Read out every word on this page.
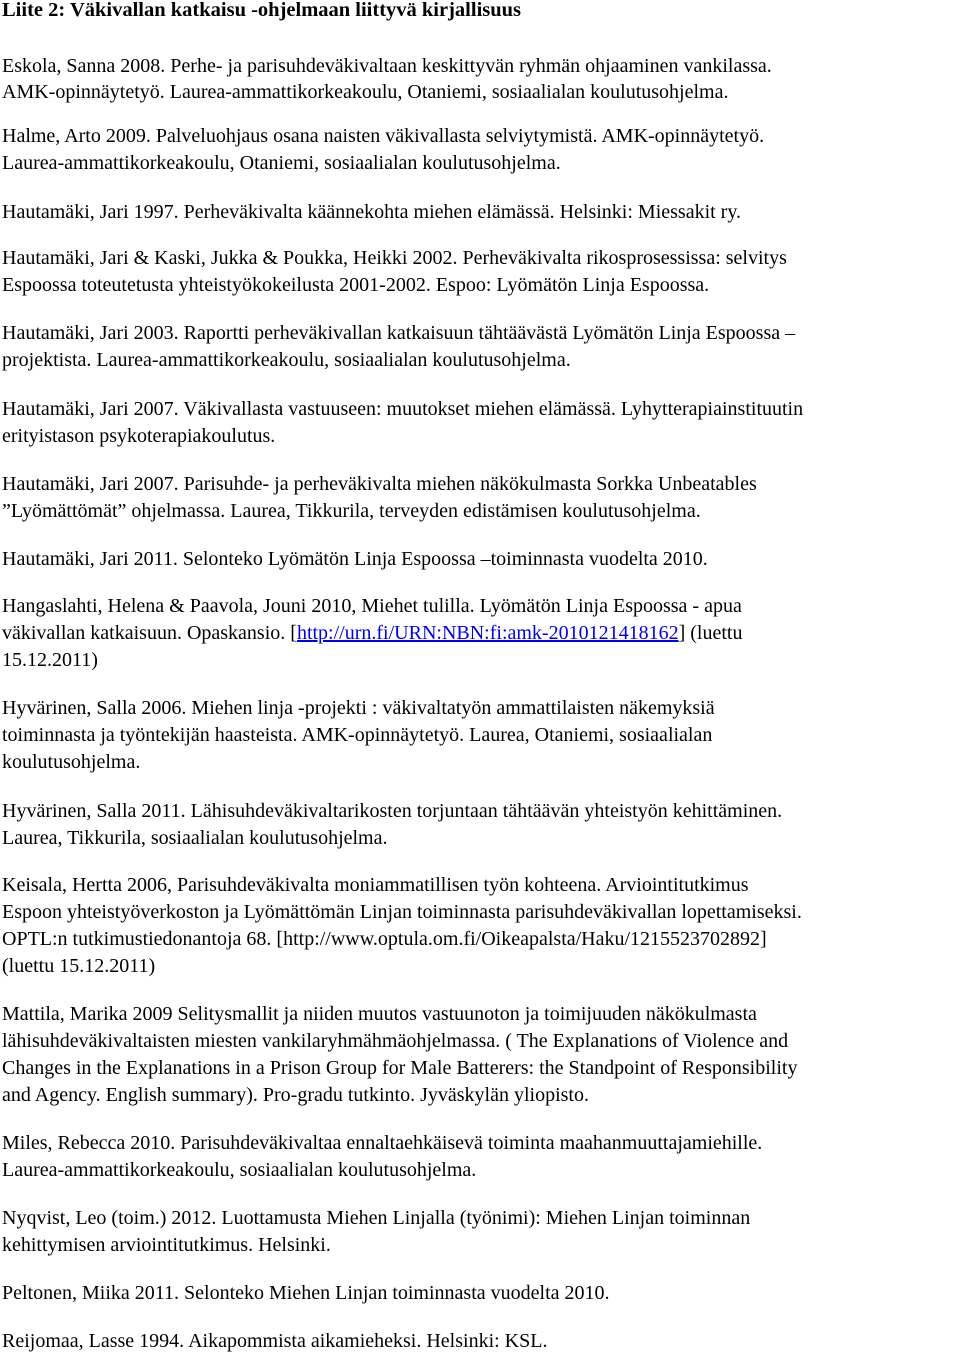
Liite 2: Väkivallan katkaisu -ohjelmaan liittyvä kirjallisuus

Eskola, Sanna 2008. Perhe- ja parisuhdeväkivaltaan keskittyvän ryhmän ohjaaminen vankilassa.

AMK-opinnäytetyö. Laurea-ammattikorkeakoulu, Otaniemi, sosiaalialan koulutusohjelma.

Halme, Arto 2009. Palveluohjaus osana naisten väkivallasta selviytymistä. AMK-opinnäytetyö.

Laurea-ammattikorkeakoulu, Otaniemi, sosiaalialan koulutusohjelma.

Hautamäki, Jari 1997. Perheväkivalta käännekohta miehen elämässä. Helsinki: Miessakit ry.

Hautamäki, Jari & Kaski, Jukka & Poukka, Heikki 2002. Perheväkivalta rikosprosessissa: selvitys

Espoossa toteutetusta yhteistyökokeilusta 2001-2002. Espoo: Lyömätön Linja Espoossa.

Hautamäki, Jari 2003. Raportti perheväkivallan katkaisuun tähtäävästä Lyömätön Linja Espoossa –

projektista. Laurea-ammattikorkeakoulu, sosiaalialan koulutusohjelma.

Hautamäki, Jari 2007. Väkivallasta vastuuseen: muutokset miehen elämässä. Lyhytterapiainstituutin

erityistason psykoterapiakoulutus.

Hautamäki, Jari 2007. Parisuhde- ja perheväkivalta miehen näkökulmasta Sorkka Unbeatables

”Lyömättömät” ohjelmassa. Laurea, Tikkurila, terveyden edistämisen koulutusohjelma.

Hautamäki, Jari 2011. Selonteko Lyömätön Linja Espoossa –toiminnasta vuodelta 2010.

Hangaslahti, Helena & Paavola, Jouni 2010, Miehet tulilla. Lyömätön Linja Espoossa - apua

väkivallan katkaisuun. Opaskansio. [http://urn.fi/URN:NBN:fi:amk-2010121418162] (luettu

15.12.2011)

Hyvärinen, Salla 2006. Miehen linja -projekti : väkivaltatyön ammattilaisten näkemyksiä

toiminnasta ja työntekijän haasteista. AMK-opinnäytetyö. Laurea, Otaniemi, sosiaalialan

koulutusohjelma.

Hyvärinen, Salla 2011. Lähisuhdeväkivaltarikosten torjuntaan tähtäävän yhteistyön kehittäminen.

Laurea, Tikkurila, sosiaalialan koulutusohjelma.

Keisala, Hertta 2006, Parisuhdeväkivalta moniammatillisen työn kohteena. Arviointitutkimus

Espoon yhteistyöverkoston ja Lyömättömän Linjan toiminnasta parisuhdeväkivallan lopettamiseksi.

OPTL:n tutkimustiedonantoja 68. [http://www.optula.om.fi/Oikeapalsta/Haku/1215523702892]

(luettu 15.12.2011)

Mattila, Marika 2009 Selitysmallit ja niiden muutos vastuunoton ja toimijuuden näkökulmasta

lähisuhdeväkivaltaisten miesten vankilaryhmähmäohjelmassa. ( The Explanations of Violence and

Changes in the Explanations in a Prison Group for Male Batterers: the Standpoint of Responsibility

and Agency. English summary). Pro-gradu tutkinto. Jyväskylän yliopisto.

Miles, Rebecca 2010. Parisuhdeväkivaltaa ennaltaehkäisevä toiminta maahanmuuttajamiehille.

Laurea-ammattikorkeakoulu, sosiaalialan koulutusohjelma.

Nyqvist, Leo (toim.) 2012. Luottamusta Miehen Linjalla (työnimi): Miehen Linjan toiminnan

kehittymisen arviointitutkimus. Helsinki.

Peltonen, Miika 2011. Selonteko Miehen Linjan toiminnasta vuodelta 2010.

Reijomaa, Lasse 1994. Aikapommista aikamieheksi. Helsinki: KSL.
